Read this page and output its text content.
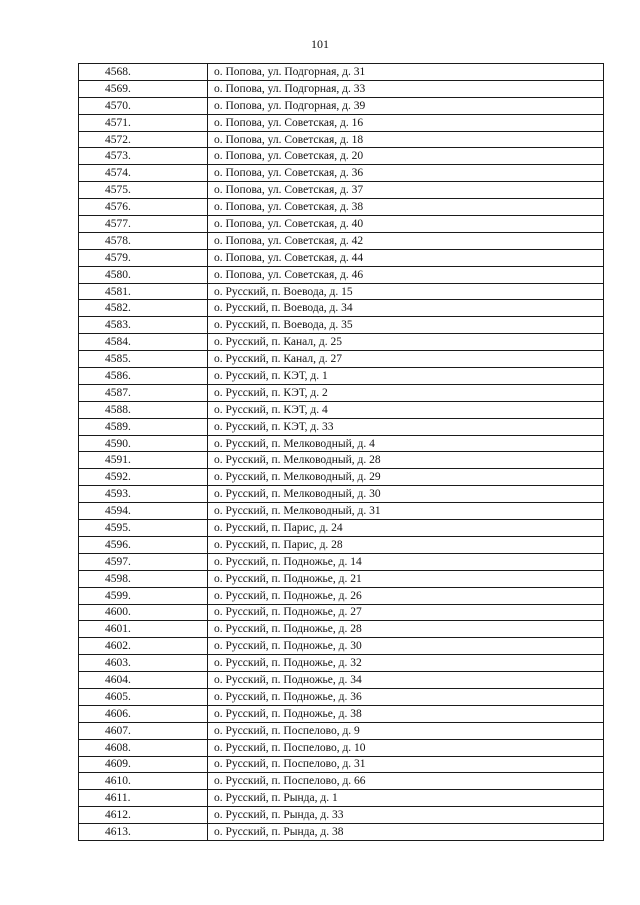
101
4568.	о. Попова, ул. Подгорная, д. 31
4569.	о. Попова, ул. Подгорная, д. 33
4570.	о. Попова, ул. Подгорная, д. 39
4571.	о. Попова, ул. Советская, д. 16
4572.	о. Попова, ул. Советская, д. 18
4573.	о. Попова, ул. Советская, д. 20
4574.	о. Попова, ул. Советская, д. 36
4575.	о. Попова, ул. Советская, д. 37
4576.	о. Попова, ул. Советская, д. 38
4577.	о. Попова, ул. Советская, д. 40
4578.	о. Попова, ул. Советская, д. 42
4579.	о. Попова, ул. Советская, д. 44
4580.	о. Попова, ул. Советская, д. 46
4581.	о. Русский, п. Воевода, д. 15
4582.	о. Русский, п. Воевода, д. 34
4583.	о. Русский, п. Воевода, д. 35
4584.	о. Русский, п. Канал, д. 25
4585.	о. Русский, п. Канал, д. 27
4586.	о. Русский, п. КЭТ, д. 1
4587.	о. Русский, п. КЭТ, д. 2
4588.	о. Русский, п. КЭТ, д. 4
4589.	о. Русский, п. КЭТ, д. 33
4590.	о. Русский, п. Мелководный, д. 4
4591.	о. Русский, п. Мелководный, д. 28
4592.	о. Русский, п. Мелководный, д. 29
4593.	о. Русский, п. Мелководный, д. 30
4594.	о. Русский, п. Мелководный, д. 31
4595.	о. Русский, п. Парис, д. 24
4596.	о. Русский, п. Парис, д. 28
4597.	о. Русский, п. Подножье, д. 14
4598.	о. Русский, п. Подножье, д. 21
4599.	о. Русский, п. Подножье, д. 26
4600.	о. Русский, п. Подножье, д. 27
4601.	о. Русский, п. Подножье, д. 28
4602.	о. Русский, п. Подножье, д. 30
4603.	о. Русский, п. Подножье, д. 32
4604.	о. Русский, п. Подножье, д. 34
4605.	о. Русский, п. Подножье, д. 36
4606.	о. Русский, п. Подножье, д. 38
4607.	о. Русский, п. Поспелово, д. 9
4608.	о. Русский, п. Поспелово, д. 10
4609.	о. Русский, п. Поспелово, д. 31
4610.	о. Русский, п. Поспелово, д. 66
4611.	о. Русский, п. Рында, д. 1
4612.	о. Русский, п. Рында, д. 33
4613.	о. Русский, п. Рында, д. 38
